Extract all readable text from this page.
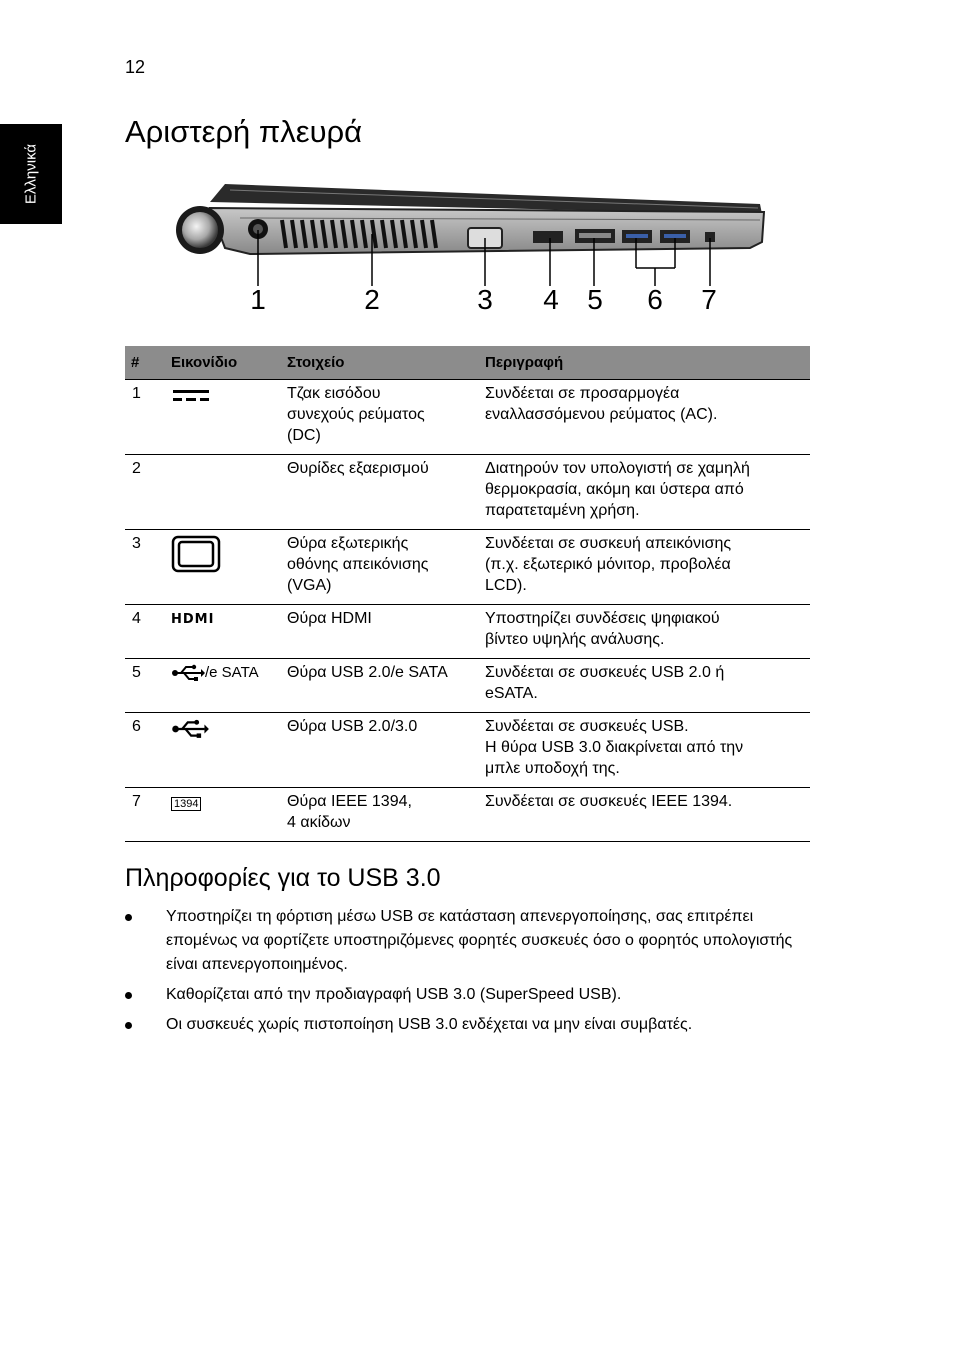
12
Ελληνικά
Αριστερή πλευρά
1	2	3 4 5 6 7
#	Εικονίδιο	Στοιχείο	Περιγραφή
1		Τζακ εισόδου
συνεχούς ρεύματος
(DC)	Συνδέεται σε προσαρμογέα
εναλλασσόμενου ρεύματος (AC).
2		Θυρίδες εξαερισμού	Διατηρούν τον υπολογιστή σε χαμηλή
θερμοκρασία, ακόμη και ύστερα από
παρατεταμένη χρήση.
3		Θύρα εξωτερικής
οθόνης απεικόνισης
(VGA)	Συνδέεται σε συσκευή απεικόνισης
(π.χ. εξωτερικό μόνιτορ, προβολέα
LCD).
4	HDMI	Θύρα HDMI	Υποστηρίζει συνδέσεις ψηφιακού
βίντεο υψηλής ανάλυσης.
5	/e SATA	Θύρα USB 2.0/e SATA	Συνδέεται σε συσκευές USB 2.0 ή
eSATA.
6		Θύρα USB 2.0/3.0	Συνδέεται σε συσκευές USB.
Η θύρα USB 3.0 διακρίνεται από την
μπλε υποδοχή της.
7	1394	Θύρα IEEE 1394,
4 ακίδων	Συνδέεται σε συσκευές IEEE 1394.
Πληροφορίες για το USB 3.0
Υποστηρίζει τη φόρτιση μέσω USB σε κατάσταση απενεργοποίησης, σας επιτρέπει επομένως να φορτίζετε υποστηριζόμενες φορητές συσκευές όσο ο φορητός υπολογιστής είναι απενεργοποιημένος.
Καθορίζεται από την προδιαγραφή USB 3.0 (SuperSpeed USB).
Οι συσκευές χωρίς πιστοποίηση USB 3.0 ενδέχεται να μην είναι συμβατές.
